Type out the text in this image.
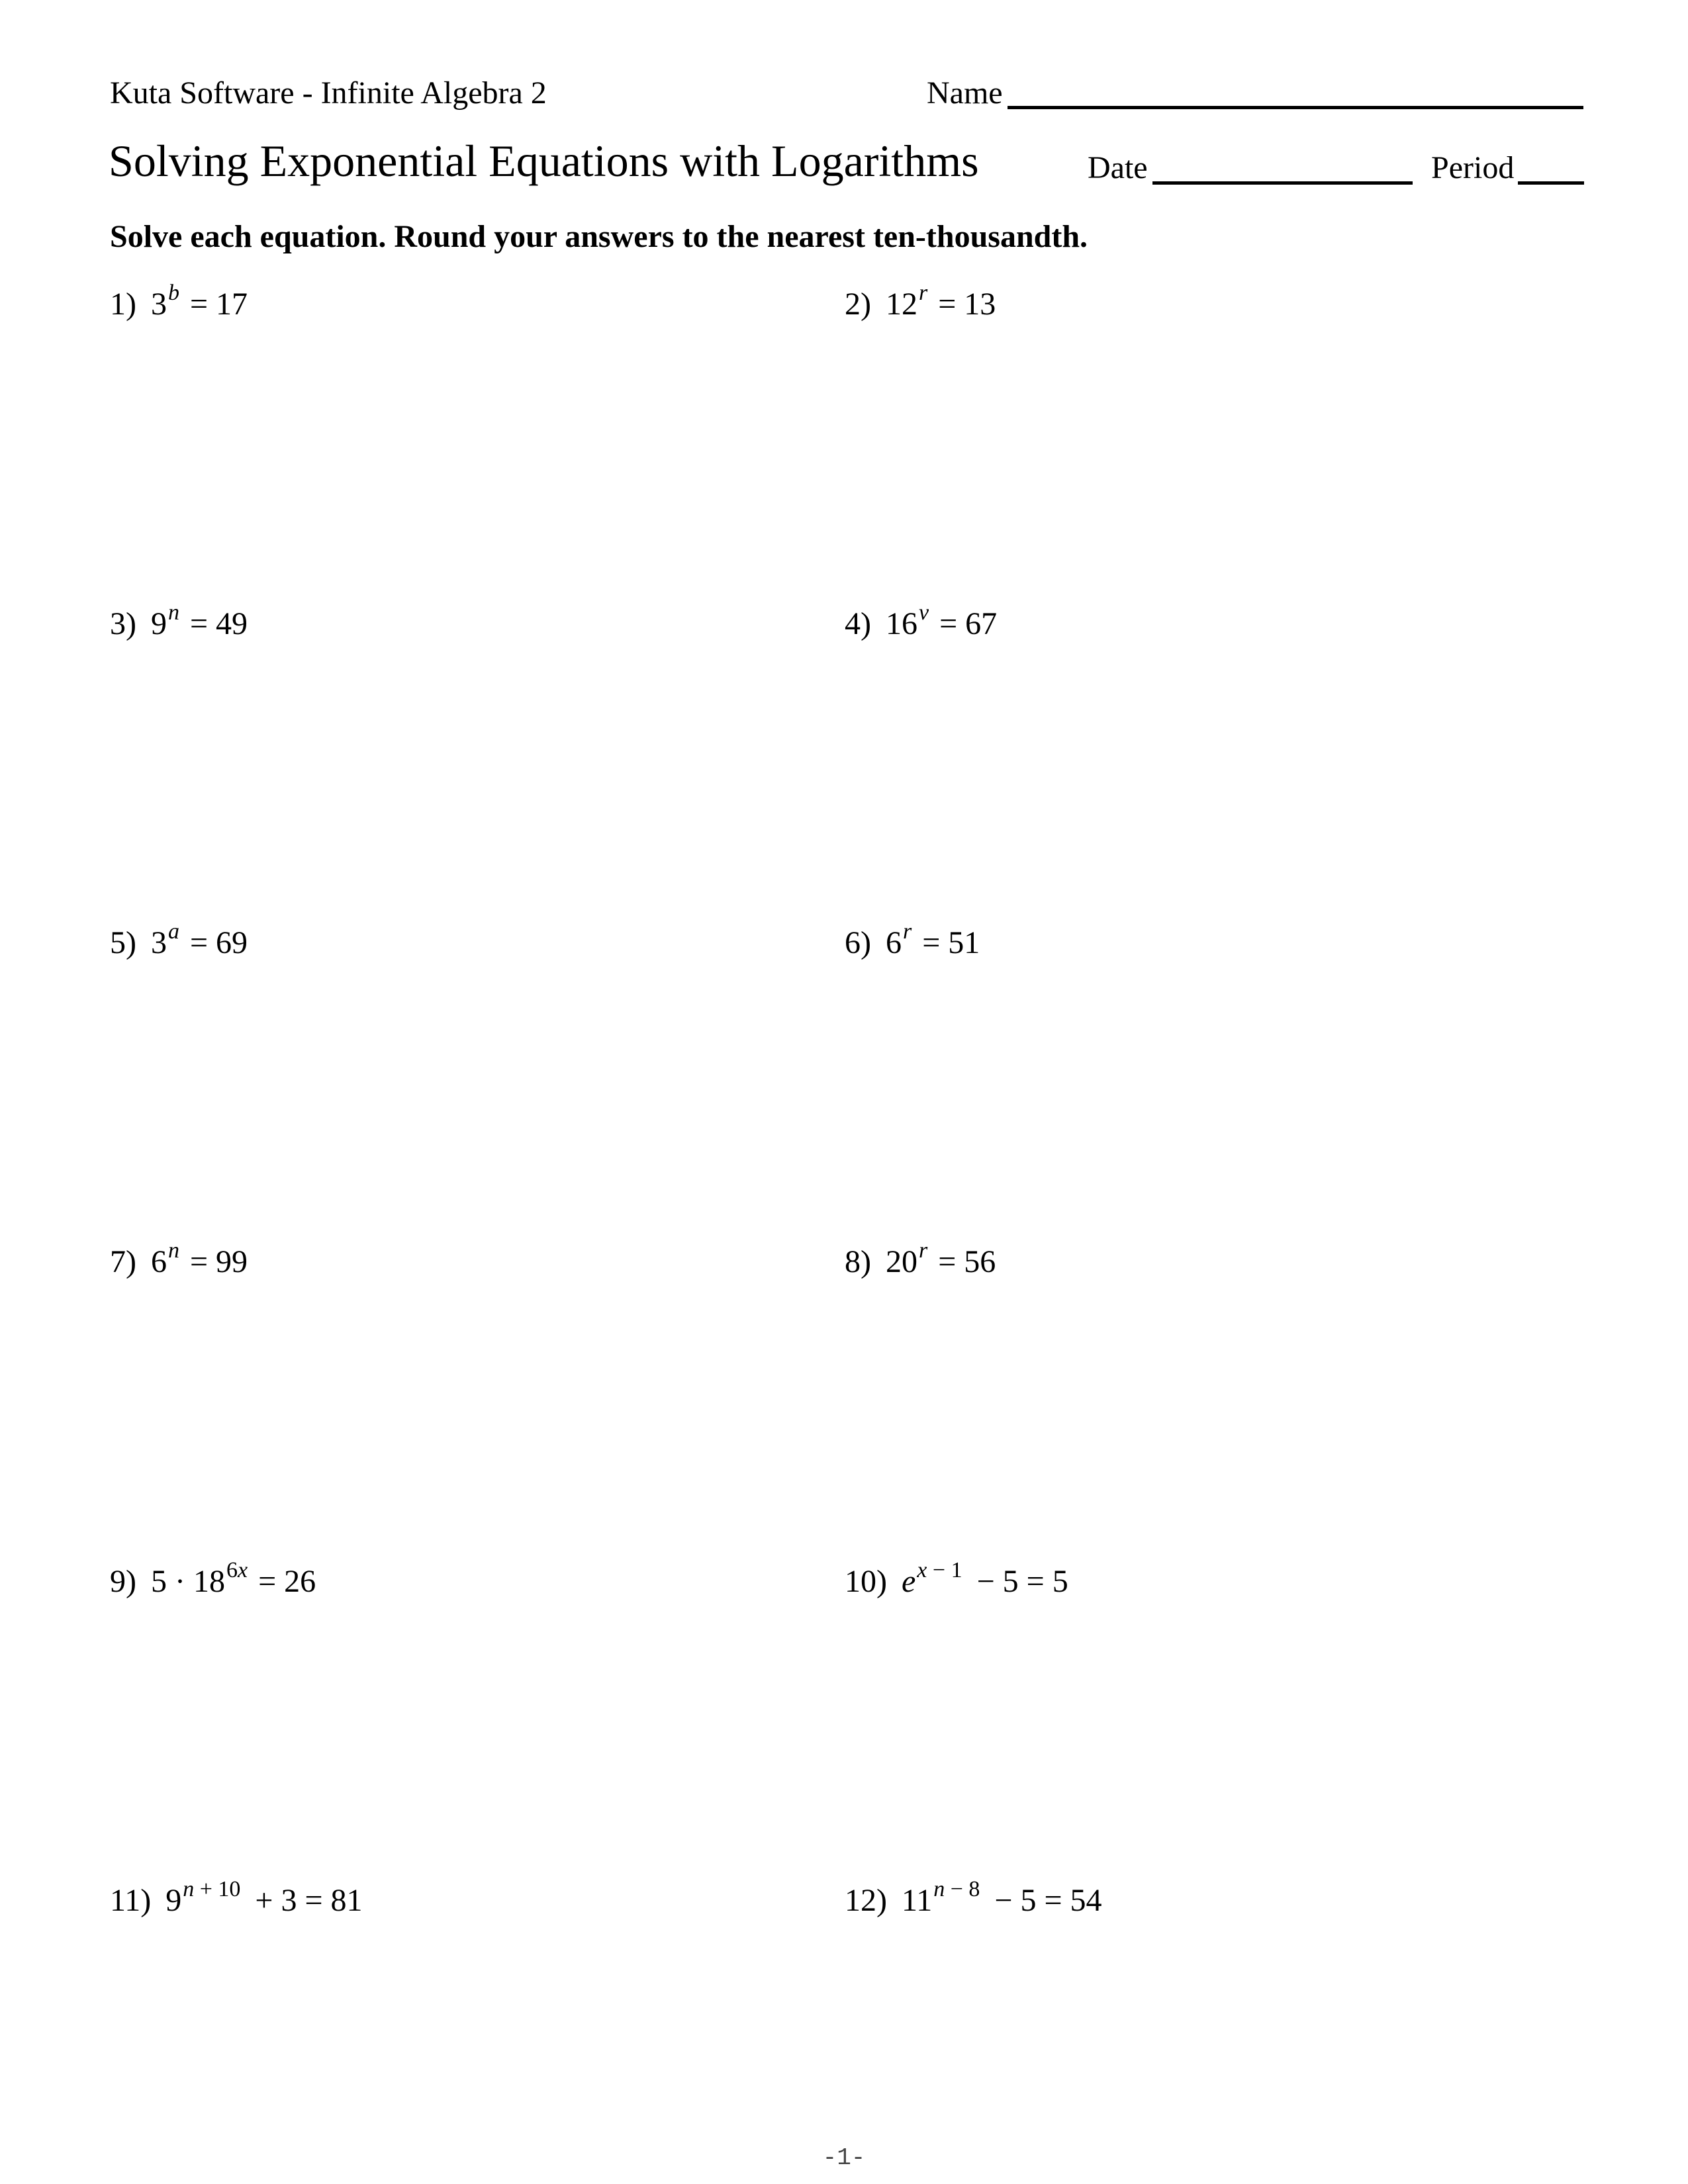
Kuta Software - Infinite Algebra 2	Name
Solving Exponential Equations with Logarithms	Date	Period
Solve each equation. Round your answers to the nearest ten-thousandth.
1) $3^b = 17$	2) $12^r = 13$
3) $9^n = 49$	4) $16^v = 67$
5) $3^a = 69$	6) $6^r = 51$
7) $6^n = 99$	8) $20^r = 56$
9) $5 \cdot 18^{6x} = 26$	10) $e^{x - 1} - 5 = 5$
11) $9^{n + 10} + 3 = 81$	12) $11^{n - 8} - 5 = 54$
-1-
